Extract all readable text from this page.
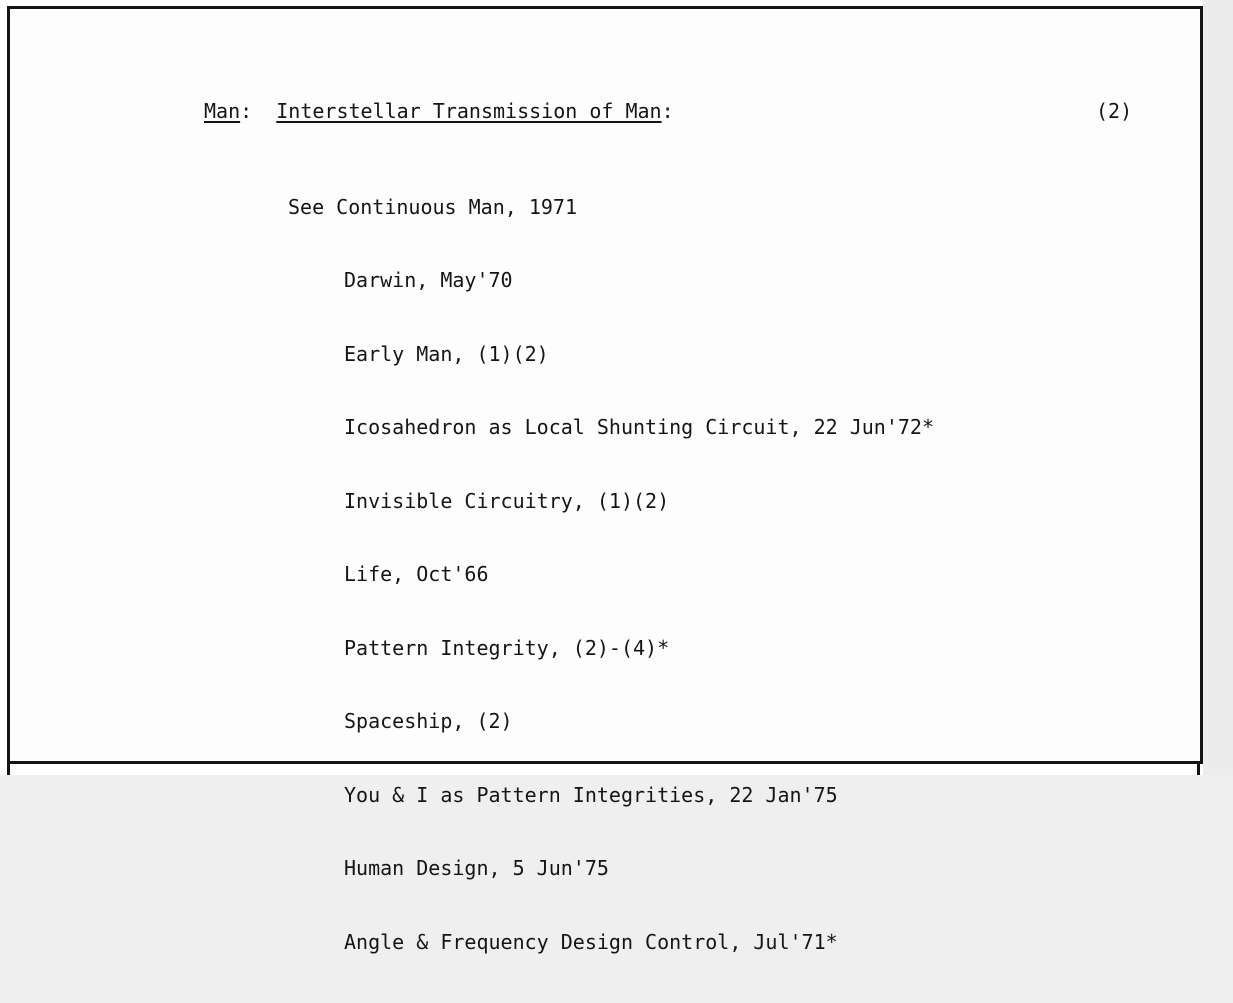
Man: Interstellar Transmission of Man:	(2)
See Continuous Man, 1971

Darwin, May'70

Early Man, (1)(2)

Icosahedron as Local Shunting Circuit, 22 Jun'72*

Invisible Circuitry, (1)(2)

Life, Oct'66

Pattern Integrity, (2)-(4)*

Spaceship, (2)

You & I as Pattern Integrities, 22 Jan'75

Human Design, 5 Jun'75

Angle & Frequency Design Control, Jul'71*
